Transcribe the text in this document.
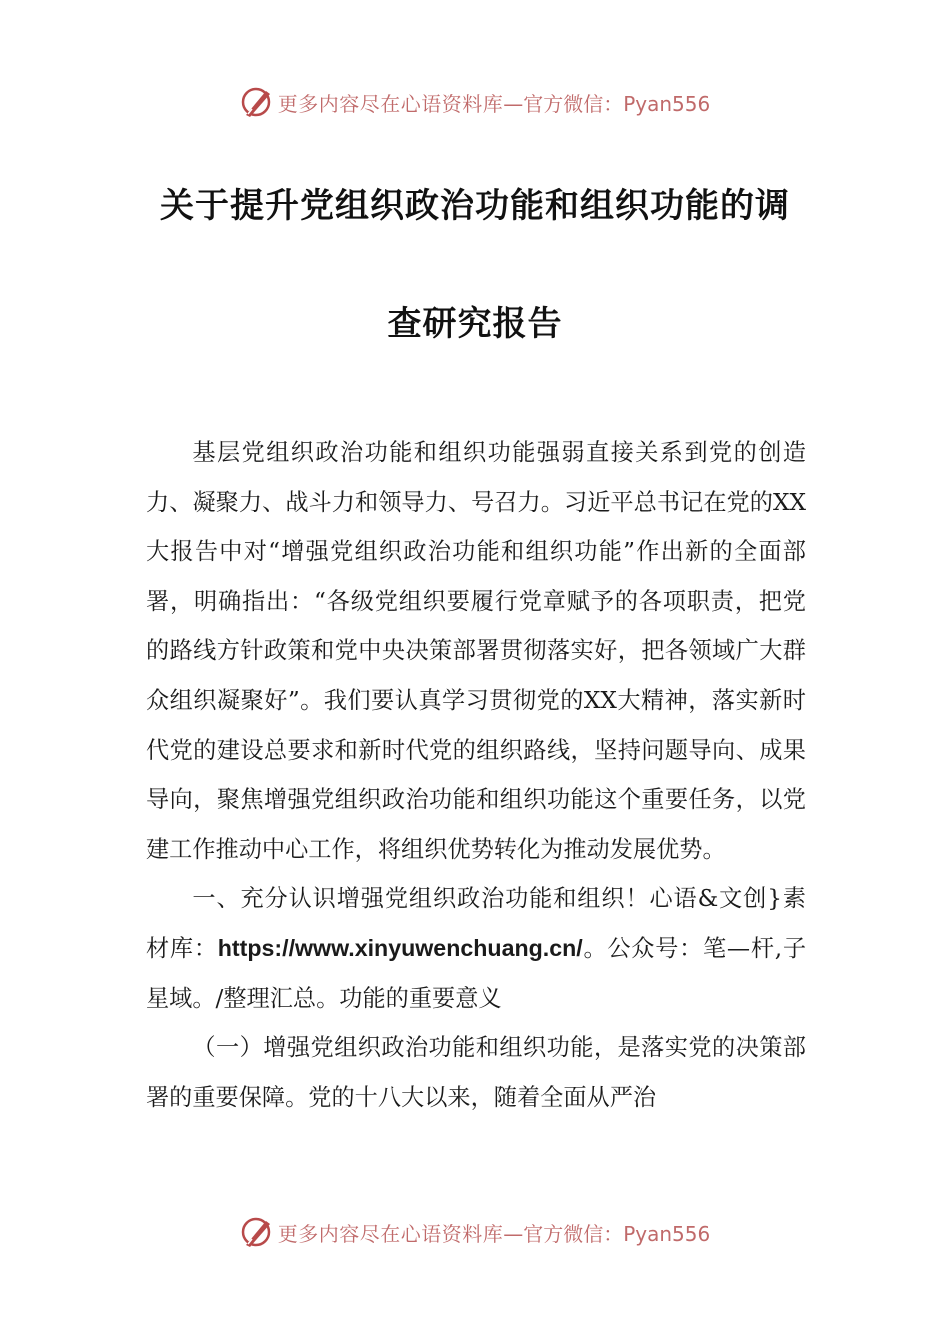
更多内容尽在心语资料库 —官方微信：Pyan556
关于提升党组织政治功能和组织功能的调
查研究报告

基层党组织政治功能和组织功能强弱直接关系到党的创造力、凝聚力、战斗力和领导力、号召力。习近平总书记在党的XX大报告中对“增强党组织政治功能和组织功能”作出新的全面部署，明确指出：“各级党组织要履行党章赋予的各项职责，把党的路线方针政策和党中央决策部署贯彻落实好，把各领域广大群众组织凝聚好”。我们要认真学习贯彻党的XX大精神，落实新时代党的建设总要求和新时代党的组织路线，坚持问题导向、成果导向，聚焦增强党组织政治功能和组织功能这个重要任务，以党建工作推动中心工作，将组织优势转化为推动发展优势。

一、充分认识增强党组织政治功能和组织！心语&文创}素材库：https://www.xinyuwenchuang.cn/。公众号：笔—杆,子星域。/整理汇总。功能的重要意义

（一）增强党组织政治功能和组织功能，是落实党的决策部署的重要保障。党的十八大以来，随着全面从严治

更多内容尽在心语资料库 —官方微信：Pyan556
